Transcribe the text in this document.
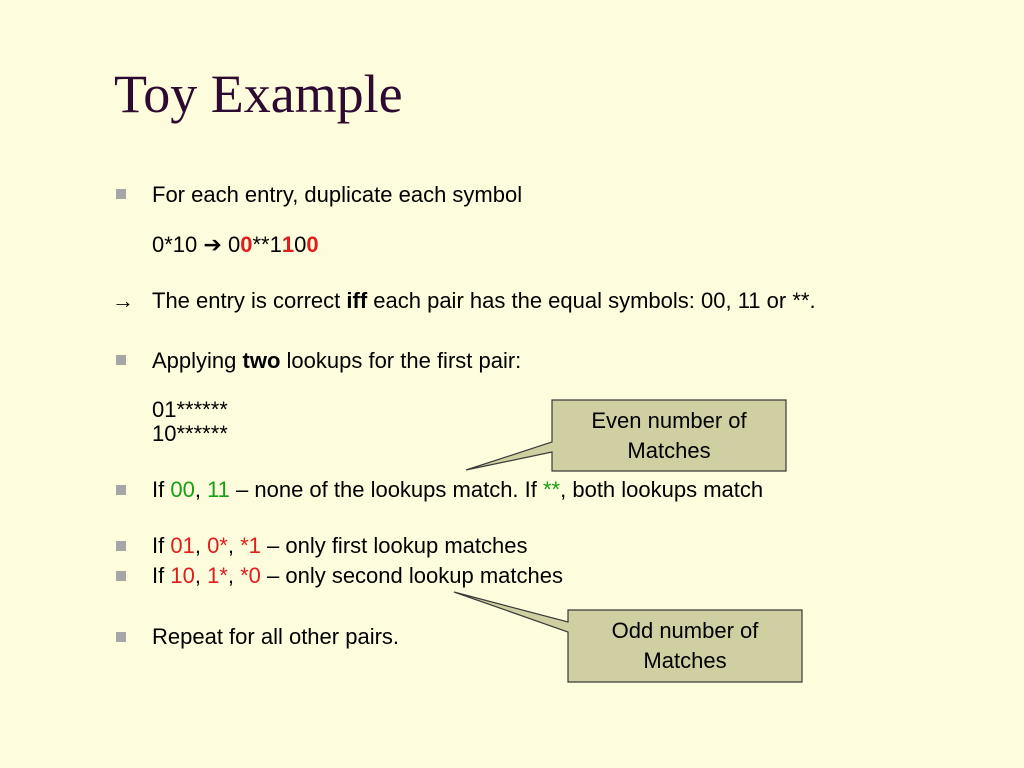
Toy Example
For each entry, duplicate each symbol
0*10 ➔ 00**1100
→ The entry is correct iff each pair has the equal symbols: 00, 11 or **.
Applying two lookups for the first pair:
01******
10******
If 00, 11 – none of the lookups match. If **, both lookups match
If 01, 0*, *1 – only first lookup matches
If 10, 1*, *0 – only second lookup matches
Repeat for all other pairs.
Even number of
Matches
Odd number of
Matches
